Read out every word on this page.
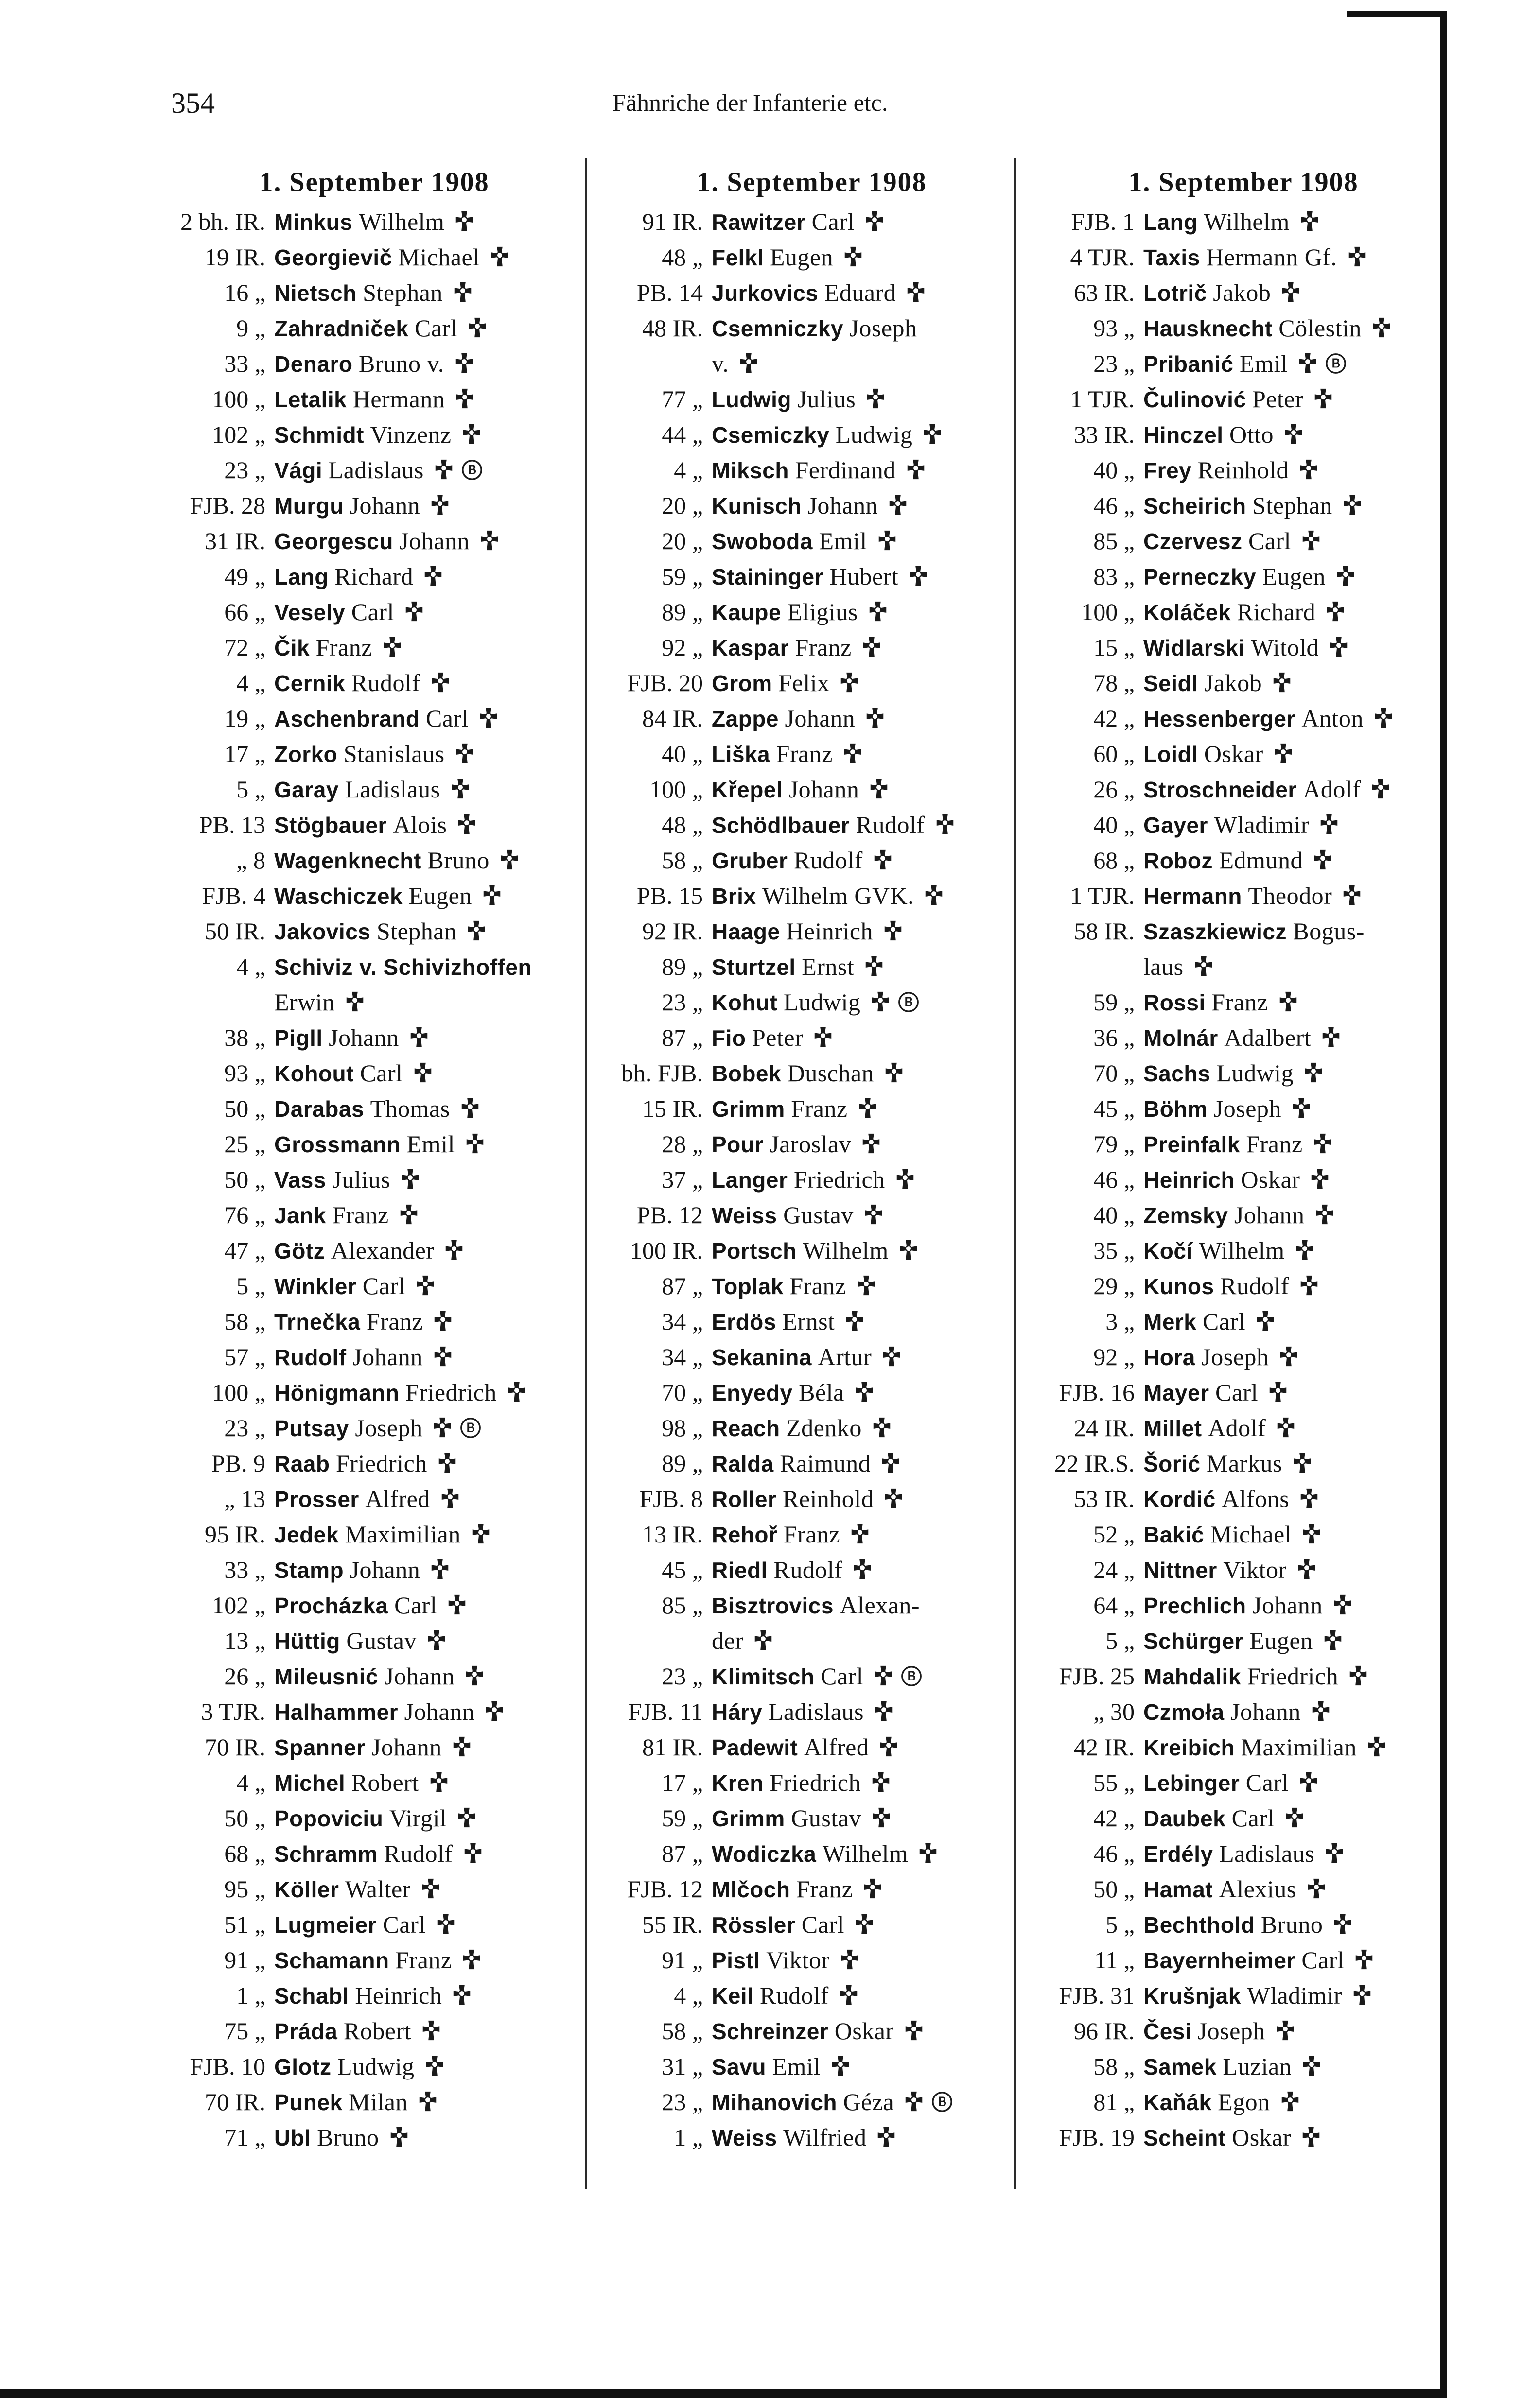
354	Fähnriche der Infanterie etc.
1. September 1908
2 bh. IR. Minkus Wilhelm
19 IR. Georgievič Michael
16 „ Nietsch Stephan
9 „ Zahradniček Carl
33 „ Denaro Bruno v.
100 „ Letalik Hermann
102 „ Schmidt Vinzenz
23 „ Vági Ladislaus
FJB. 28 Murgu Johann
31 IR. Georgescu Johann
49 „ Lang Richard
66 „ Vesely Carl
72 „ Čik Franz
4 „ Cernik Rudolf
19 „ Aschenbrand Carl
17 „ Zorko Stanislaus
5 „ Garay Ladislaus
PB. 13 Stögbauer Alois
„ 8 Wagenknecht Bruno
FJB. 4 Waschiczek Eugen
50 IR. Jakovics Stephan
4 „ Schiviz v. Schivizhoffen
Erwin
38 „ Pigll Johann
93 „ Kohout Carl
50 „ Darabas Thomas
25 „ Grossmann Emil
50 „ Vass Julius
76 „ Jank Franz
47 „ Götz Alexander
5 „ Winkler Carl
58 „ Trnečka Franz
57 „ Rudolf Johann
100 „ Hönigmann Friedrich
23 „ Putsay Joseph
PB. 9 Raab Friedrich
„ 13 Prosser Alfred
95 IR. Jedek Maximilian
33 „ Stamp Johann
102 „ Procházka Carl
13 „ Hüttig Gustav
26 „ Mileusnić Johann
3 TJR. Halhammer Johann
70 IR. Spanner Johann
4 „ Michel Robert
50 „ Popoviciu Virgil
68 „ Schramm Rudolf
95 „ Köller Walter
51 „ Lugmeier Carl
91 „ Schamann Franz
1 „ Schabl Heinrich
75 „ Práda Robert
FJB. 10 Glotz Ludwig
70 IR. Punek Milan
71 „ Ubl Bruno
1. September 1908
91 IR. Rawitzer Carl
48 „ Felkl Eugen
PB. 14 Jurkovics Eduard
48 IR. Csemniczky Joseph
v.
77 „ Ludwig Julius
44 „ Csemiczky Ludwig
4 „ Miksch Ferdinand
20 „ Kunisch Johann
20 „ Swoboda Emil
59 „ Staininger Hubert
89 „ Kaupe Eligius
92 „ Kaspar Franz
FJB. 20 Grom Felix
84 IR. Zappe Johann
40 „ Liška Franz
100 „ Křepel Johann
48 „ Schödlbauer Rudolf
58 „ Gruber Rudolf
PB. 15 Brix Wilhelm GVK.
92 IR. Haage Heinrich
89 „ Sturtzel Ernst
23 „ Kohut Ludwig
87 „ Fio Peter
bh. FJB. Bobek Duschan
15 IR. Grimm Franz
28 „ Pour Jaroslav
37 „ Langer Friedrich
PB. 12 Weiss Gustav
100 IR. Portsch Wilhelm
87 „ Toplak Franz
34 „ Erdös Ernst
34 „ Sekanina Artur
70 „ Enyedy Béla
98 „ Reach Zdenko
89 „ Ralda Raimund
FJB. 8 Roller Reinhold
13 IR. Rehoř Franz
45 „ Riedl Rudolf
85 „ Bisztrovics Alexan-
der
23 „ Klimitsch Carl
FJB. 11 Háry Ladislaus
81 IR. Padewit Alfred
17 „ Kren Friedrich
59 „ Grimm Gustav
87 „ Wodiczka Wilhelm
FJB. 12 Mlčoch Franz
55 IR. Rössler Carl
91 „ Pistl Viktor
4 „ Keil Rudolf
58 „ Schreinzer Oskar
31 „ Savu Emil
23 „ Mihanovich Géza
1 „ Weiss Wilfried
1. September 1908
FJB. 1 Lang Wilhelm
4 TJR. Taxis Hermann Gf.
63 IR. Lotrič Jakob
93 „ Hausknecht Cölestin
23 „ Pribanić Emil
1 TJR. Čulinović Peter
33 IR. Hinczel Otto
40 „ Frey Reinhold
46 „ Scheirich Stephan
85 „ Czervesz Carl
83 „ Perneczky Eugen
100 „ Koláček Richard
15 „ Widlarski Witold
78 „ Seidl Jakob
42 „ Hessenberger Anton
60 „ Loidl Oskar
26 „ Stroschneider Adolf
40 „ Gayer Wladimir
68 „ Roboz Edmund
1 TJR. Hermann Theodor
58 IR. Szaszkiewicz Bogus-
laus
59 „ Rossi Franz
36 „ Molnár Adalbert
70 „ Sachs Ludwig
45 „ Böhm Joseph
79 „ Preinfalk Franz
46 „ Heinrich Oskar
40 „ Zemsky Johann
35 „ Kočí Wilhelm
29 „ Kunos Rudolf
3 „ Merk Carl
92 „ Hora Joseph
FJB. 16 Mayer Carl
24 IR. Millet Adolf
22 IR.S. Šorić Markus
53 IR. Kordić Alfons
52 „ Bakić Michael
24 „ Nittner Viktor
64 „ Prechlich Johann
5 „ Schürger Eugen
FJB. 25 Mahdalik Friedrich
„ 30 Czmoła Johann
42 IR. Kreibich Maximilian
55 „ Lebinger Carl
42 „ Daubek Carl
46 „ Erdély Ladislaus
50 „ Hamat Alexius
5 „ Bechthold Bruno
11 „ Bayernheimer Carl
FJB. 31 Krušnjak Wladimir
96 IR. Česi Joseph
58 „ Samek Luzian
81 „ Kaňák Egon
FJB. 19 Scheint Oskar
